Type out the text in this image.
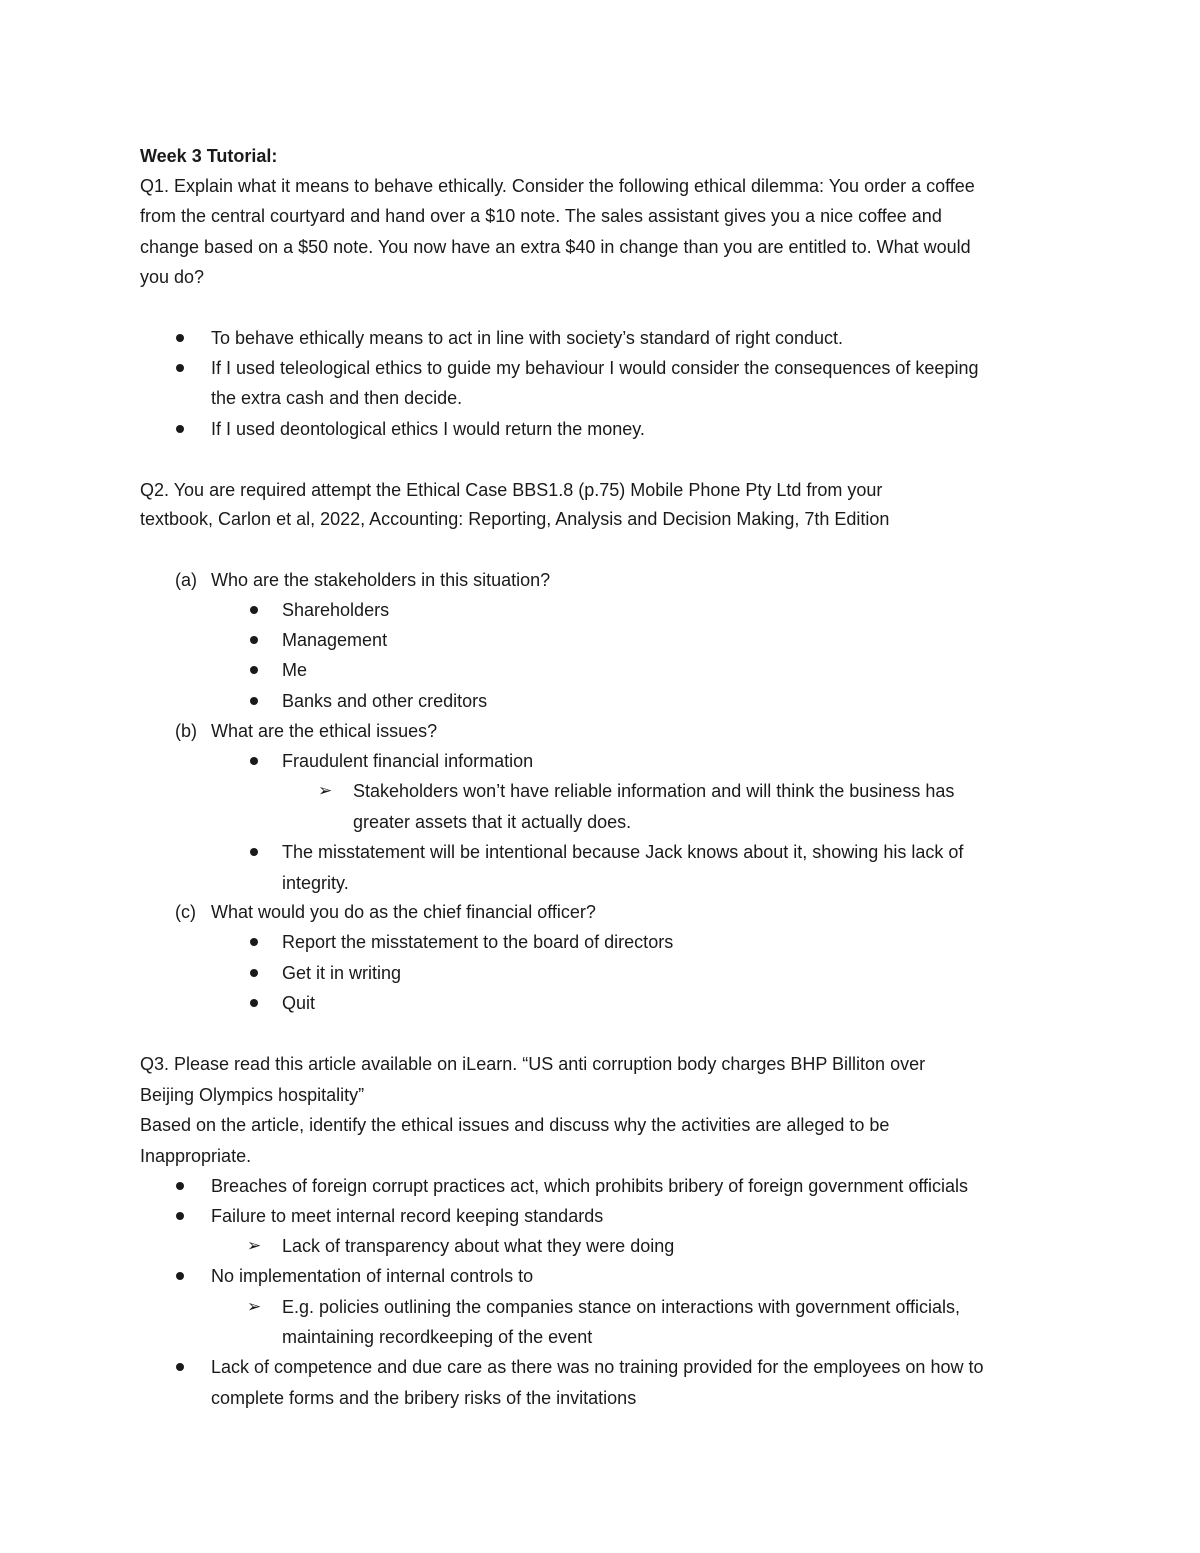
Week 3 Tutorial:
Q1. Explain what it means to behave ethically. Consider the following ethical dilemma: You order a coffee
from the central courtyard and hand over a $10 note. The sales assistant gives you a nice coffee and
change based on a $50 note. You now have an extra $40 in change than you are entitled to. What would
you do?
To behave ethically means to act in line with society’s standard of right conduct.
If I used teleological ethics to guide my behaviour I would consider the consequences of keeping
the extra cash and then decide.
If I used deontological ethics I would return the money.
Q2. You are required attempt the Ethical Case BBS1.8 (p.75) Mobile Phone Pty Ltd from your
textbook, Carlon et al, 2022, Accounting: Reporting, Analysis and Decision Making, 7th Edition
(a) Who are the stakeholders in this situation?
Shareholders
Management
Me
Banks and other creditors
(b) What are the ethical issues?
Fraudulent financial information
➢ Stakeholders won’t have reliable information and will think the business has
greater assets that it actually does.
The misstatement will be intentional because Jack knows about it, showing his lack of
integrity.
(c) What would you do as the chief financial officer?
Report the misstatement to the board of directors
Get it in writing
Quit
Q3. Please read this article available on iLearn. “US anti corruption body charges BHP Billiton over
Beijing Olympics hospitality”
Based on the article, identify the ethical issues and discuss why the activities are alleged to be
Inappropriate.
Breaches of foreign corrupt practices act, which prohibits bribery of foreign government officials
Failure to meet internal record keeping standards
➢ Lack of transparency about what they were doing
No implementation of internal controls to
➢ E.g. policies outlining the companies stance on interactions with government officials,
maintaining recordkeeping of the event
Lack of competence and due care as there was no training provided for the employees on how to
complete forms and the bribery risks of the invitations
